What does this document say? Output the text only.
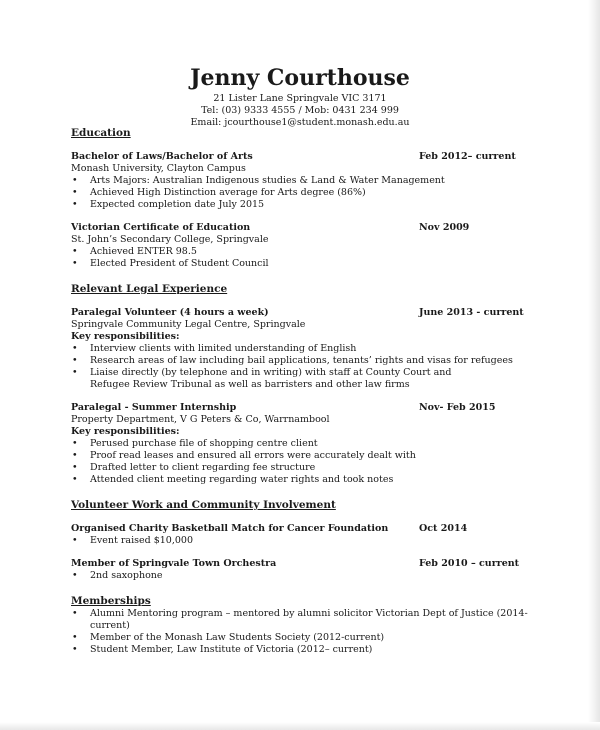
Jenny Courthouse
21 Lister Lane Springvale VIC 3171
Tel: (03) 9333 4555 / Mob: 0431 234 999
Email: jcourthouse1@student.monash.edu.au
Education
Bachelor of Laws/Bachelor of Arts	Feb 2012– current
Monash University, Clayton Campus
• Arts Majors: Australian Indigenous studies & Land & Water Management
• Achieved High Distinction average for Arts degree (86%)
• Expected completion date July 2015
Victorian Certificate of Education	Nov 2009
St. John’s Secondary College, Springvale
• Achieved ENTER 98.5
• Elected President of Student Council
Relevant Legal Experience
Paralegal Volunteer (4 hours a week)	June 2013 - current
Springvale Community Legal Centre, Springvale
Key responsibilities:
• Interview clients with limited understanding of English
• Research areas of law including bail applications, tenants’ rights and visas for refugees
• Liaise directly (by telephone and in writing) with staff at County Court and
Refugee Review Tribunal as well as barristers and other law firms
Paralegal - Summer Internship	Nov- Feb 2015
Property Department, V G Peters & Co, Warrnambool
Key responsibilities:
• Perused purchase file of shopping centre client
• Proof read leases and ensured all errors were accurately dealt with
• Drafted letter to client regarding fee structure
• Attended client meeting regarding water rights and took notes
Volunteer Work and Community Involvement
Organised Charity Basketball Match for Cancer Foundation	Oct 2014
• Event raised $10,000
Member of Springvale Town Orchestra	Feb 2010 – current
• 2nd saxophone
Memberships
• Alumni Mentoring program – mentored by alumni solicitor Victorian Dept of Justice (2014-current)
• Member of the Monash Law Students Society (2012-current)
• Student Member, Law Institute of Victoria (2012– current)
